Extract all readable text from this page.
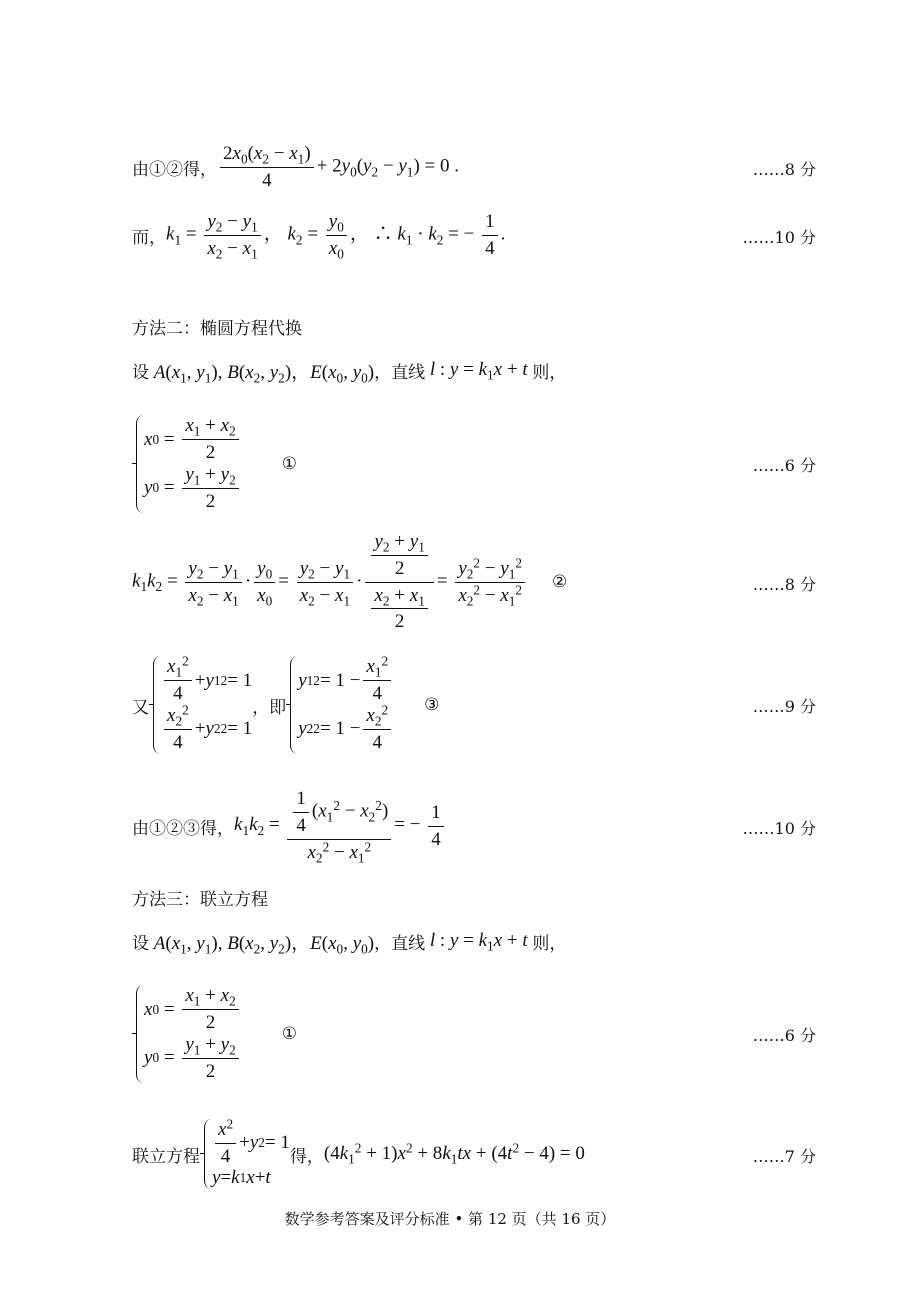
由①②得， $\frac{2x_0(x_2 - x_1)}{4} + 2y_0(y_2 - y_1) = 0$ .	……8 分
而， $k_1 = \frac{y_2 - y_1}{x_2 - x_1}$ ， $k_2 = \frac{y_0}{x_0}$ ， ∴ $k_1 \cdot k_2$ = − $\frac{1}{4}$ .	……10 分
方法二：椭圆方程代换
设 $A(x_1$, $y_1$), $B(x_2$, $y_2$)，$E(x_0$, $y_0$) ，直线 l : $y = k_1x + t$ 则，
x $0 = \frac{x_1 + x_2}{2}$
y $0 = \frac{y_1 + y_2}{2}$	①	……6 分
$k_1k_2 = \frac{y_2 - y_1}{x_2 - x_1} \cdot \frac{y_0}{x_0} = \frac{y_2 - y_1}{x_2 - x_1} \cdot \frac{\frac{y_2 + y_1}{2}}{\frac{x_2 + x_1}{2}} = \frac{y_2^2 - y_1^2}{x_2^2 - x_1^2}$ ②	……8 分
又
$\frac{x_1^2}{4} + y$ 1 2 = 1
$\frac{x_2^2}{4} + y$ 2 2 = 1
，即
y 1 $2 = 1 - \frac{x_1^2}{4}$
y 2 $2 = 1 - \frac{x_2^2}{4}$ ③	……9 分
由①②③得， $k_1k_2 = \frac{\frac{1}{4} (x_1^2 - x_2^2)}{x_2^2 - x_1^2}$ = − $\frac{1}{4}$	……10 分
方法三：联立方程
设 $A(x_1$, $y_1$), $B(x_2$, $y_2$)，$E(x_0$, $y_0$) ，直线 l : $y = k_1x + t$ 则，
x $0 = \frac{x_1 + x_2}{2}$
y $0 = \frac{y_1 + y_2}{2}$	①	……6 分
联立方程 $\frac{x^2}{4} + y$ 2 = 1
y = k 1 x + t
得， $(4k_1^2 + 1)x^2 + 8k_1tx + (4t^2 - 4) = 0$	……7 分
数学参考答案及评分标准 • 第 12 页（共 16 页）
